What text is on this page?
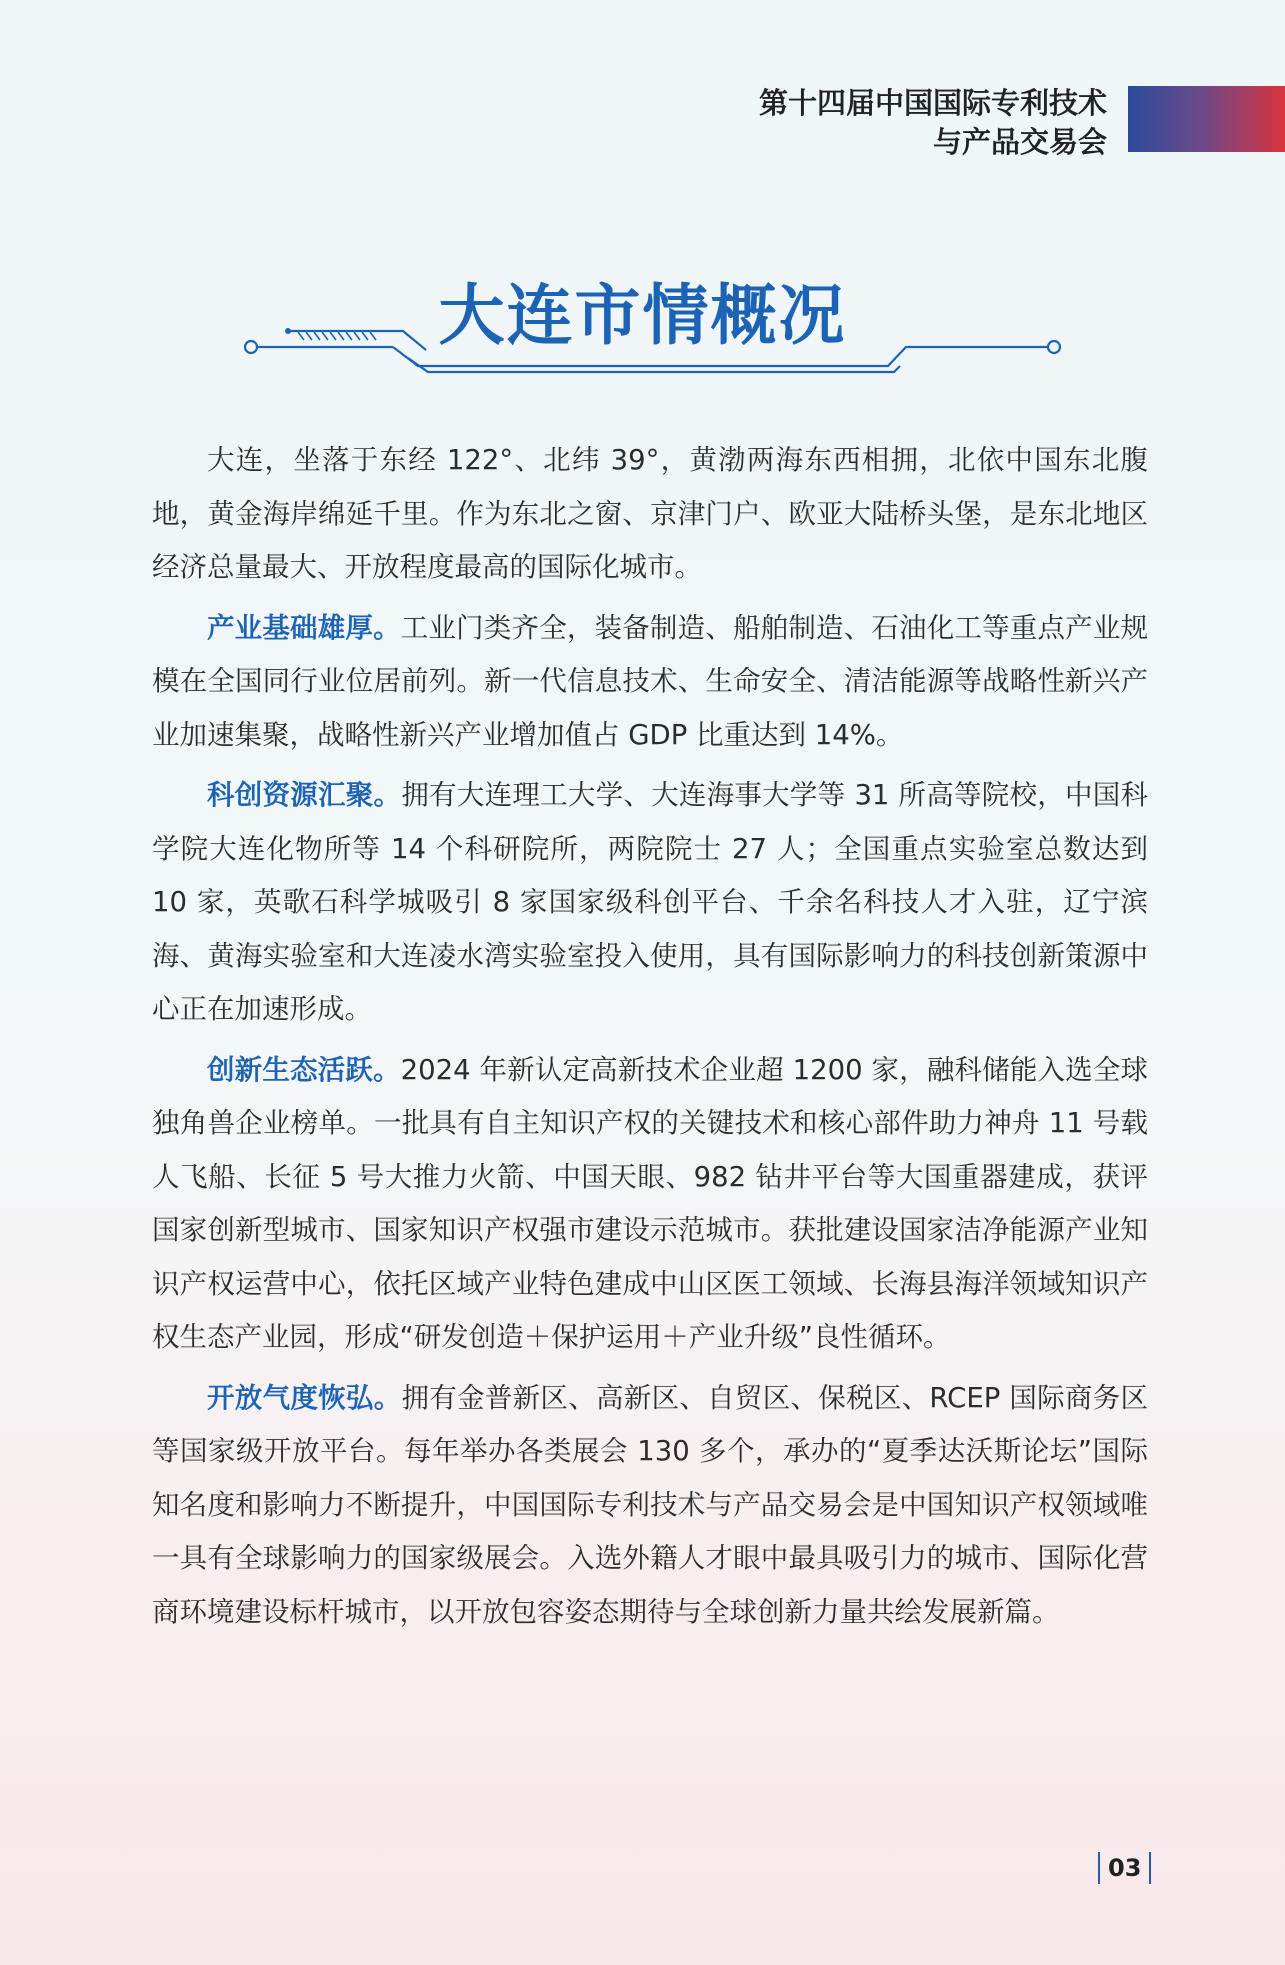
第十四届中国国际专利技术
与产品交易会
大连市情概况

大连，坐落于东经 122°、北纬 39°，黄渤两海东西相拥，北依中国东北腹地，黄金海岸绵延千里。作为东北之窗、京津门户、欧亚大陆桥头堡，是东北地区经济总量最大、开放程度最高的国际化城市。

产业基础雄厚。工业门类齐全，装备制造、船舶制造、石油化工等重点产业规模在全国同行业位居前列。新一代信息技术、生命安全、清洁能源等战略性新兴产业加速集聚，战略性新兴产业增加值占 GDP 比重达到 14%。

科创资源汇聚。拥有大连理工大学、大连海事大学等 31 所高等院校，中国科学院大连化物所等 14 个科研院所，两院院士 27 人；全国重点实验室总数达到 10 家，英歌石科学城吸引 8 家国家级科创平台、千余名科技人才入驻，辽宁滨海、黄海实验室和大连凌水湾实验室投入使用，具有国际影响力的科技创新策源中心正在加速形成。

创新生态活跃。2024 年新认定高新技术企业超 1200 家，融科储能入选全球独角兽企业榜单。一批具有自主知识产权的关键技术和核心部件助力神舟 11 号载人飞船、长征 5 号大推力火箭、中国天眼、982 钻井平台等大国重器建成，获评国家创新型城市、国家知识产权强市建设示范城市。获批建设国家洁净能源产业知识产权运营中心，依托区域产业特色建成中山区医工领域、长海县海洋领域知识产权生态产业园，形成“研发创造＋保护运用＋产业升级”良性循环。

开放气度恢弘。拥有金普新区、高新区、自贸区、保税区、RCEP 国际商务区等国家级开放平台。每年举办各类展会 130 多个，承办的“夏季达沃斯论坛”国际知名度和影响力不断提升，中国国际专利技术与产品交易会是中国知识产权领域唯一具有全球影响力的国家级展会。入选外籍人才眼中最具吸引力的城市、国际化营商环境建设标杆城市，以开放包容姿态期待与全球创新力量共绘发展新篇。

03
